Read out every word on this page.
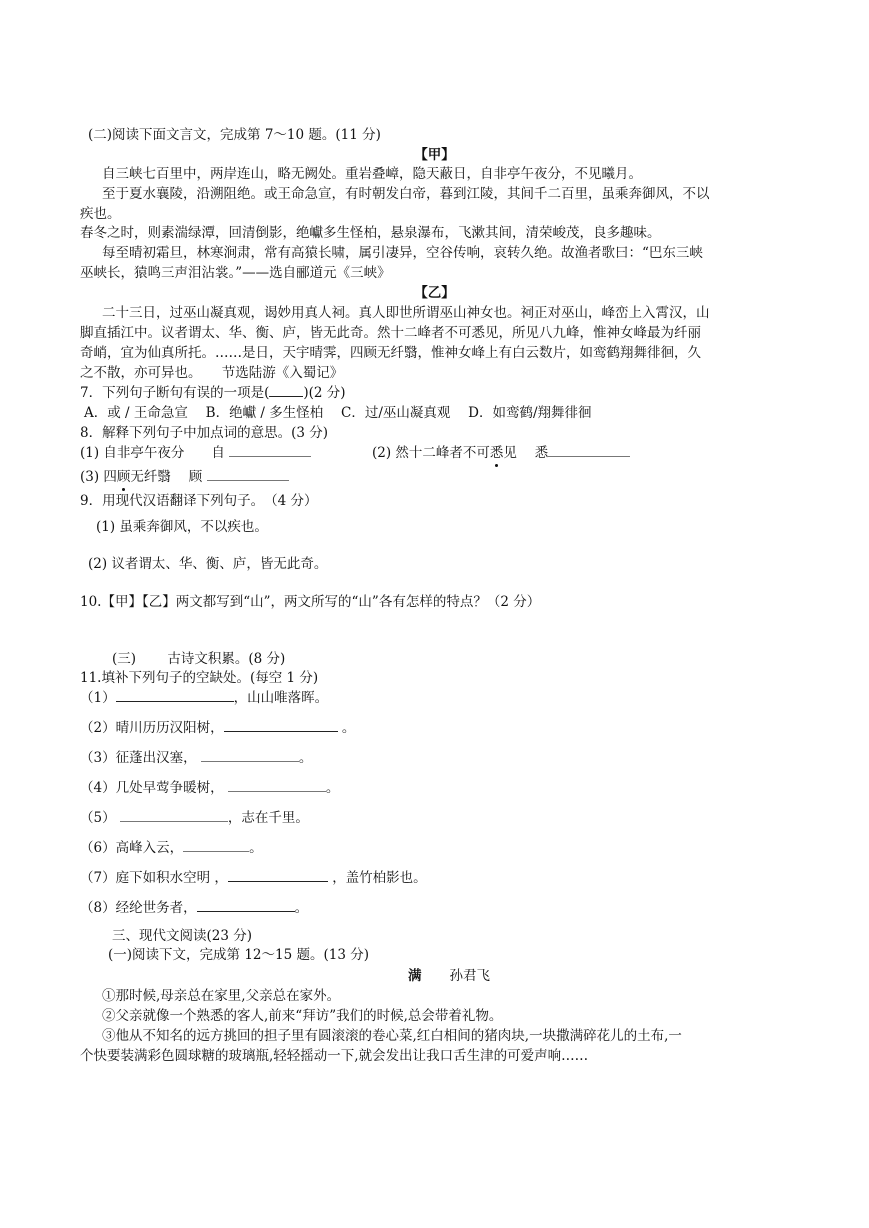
(二)阅读下面文言文，完成第 7～10 题。(11 分)
【甲】
自三峡七百里中，两岸连山，略无阙处。重岩叠嶂，隐天蔽日，自非亭午夜分，不见曦月。
至于夏水襄陵，沿溯阻绝。或王命急宣，有时朝发白帝，暮到江陵，其间千二百里，虽乘奔御风，不以
疾也。
春冬之时，则素湍绿潭，回清倒影，绝巘多生怪柏，悬泉瀑布，飞漱其间，清荣峻茂，良多趣味。
每至晴初霜旦，林寒涧肃，常有高猿长啸，属引凄异，空谷传响，哀转久绝。故渔者歌曰：“巴东三峡
巫峡长，猿鸣三声泪沾裳。”——选自郦道元《三峡》
【乙】
二十三日，过巫山凝真观，谒妙用真人祠。真人即世所谓巫山神女也。祠正对巫山，峰峦上入霄汉，山
脚直插江中。议者谓太、华、衡、庐，皆无此奇。然十二峰者不可悉见，所见八九峰，惟神女峰最为纤丽
奇峭，宜为仙真所托。……是日，天宇晴霁，四顾无纤翳，惟神女峰上有白云数片，如鸾鹤翔舞徘徊，久
之不散，亦可异也。　　节选陆游《入蜀记》
7．下列句子断句有误的一项是(	)(2 分)
A．或 / 王命急宣　 B．绝巘 / 多生怪柏　 C．过/巫山凝真观　 D．如鸾鹤/翔舞徘徊
8．解释下列句子中加点词的意思。(3 分)
(1) 自非亭午夜分　　自	(2) 然十二峰者不可悉见　 悉
(3) 四顾无纤翳　 顾
9．用现代汉语翻译下列句子。　（4 分）
(1) 虽乘奔御风，不以疾也。
(2) 议者谓太、华、衡、庐，皆无此奇。
10.【甲】【乙】两文都写到“山”，两文所写的“山”各有怎样的特点？（2 分）
(三)　　 古诗文积累。(8 分)
11.填补下列句子的空缺处。(每空 1 分)
（1）	，山山唯落晖。
（2）晴川历历汉阳树，	。
（3）征蓬出汉塞，	。
（4）几处早莺争暖树，	。
（5）	，志在千里。
（6）高峰入云，	。
（7）庭下如积水空明 ，	，盖竹柏影也。
（8）经纶世务者，	。
三、现代文阅读(23 分)
(一)阅读下文，完成第 12～15 题。(13 分)
满 孙君飞
①那时候,母亲总在家里,父亲总在家外。
②父亲就像一个熟悉的客人,前来“拜访”我们的时候,总会带着礼物。
③他从不知名的远方挑回的担子里有圆滚滚的卷心菜,红白相间的猪肉块,一块撒满碎花儿的土布,一
个快要装满彩色圆球糖的玻璃瓶,轻轻摇动一下,就会发出让我口舌生津的可爱声响……
